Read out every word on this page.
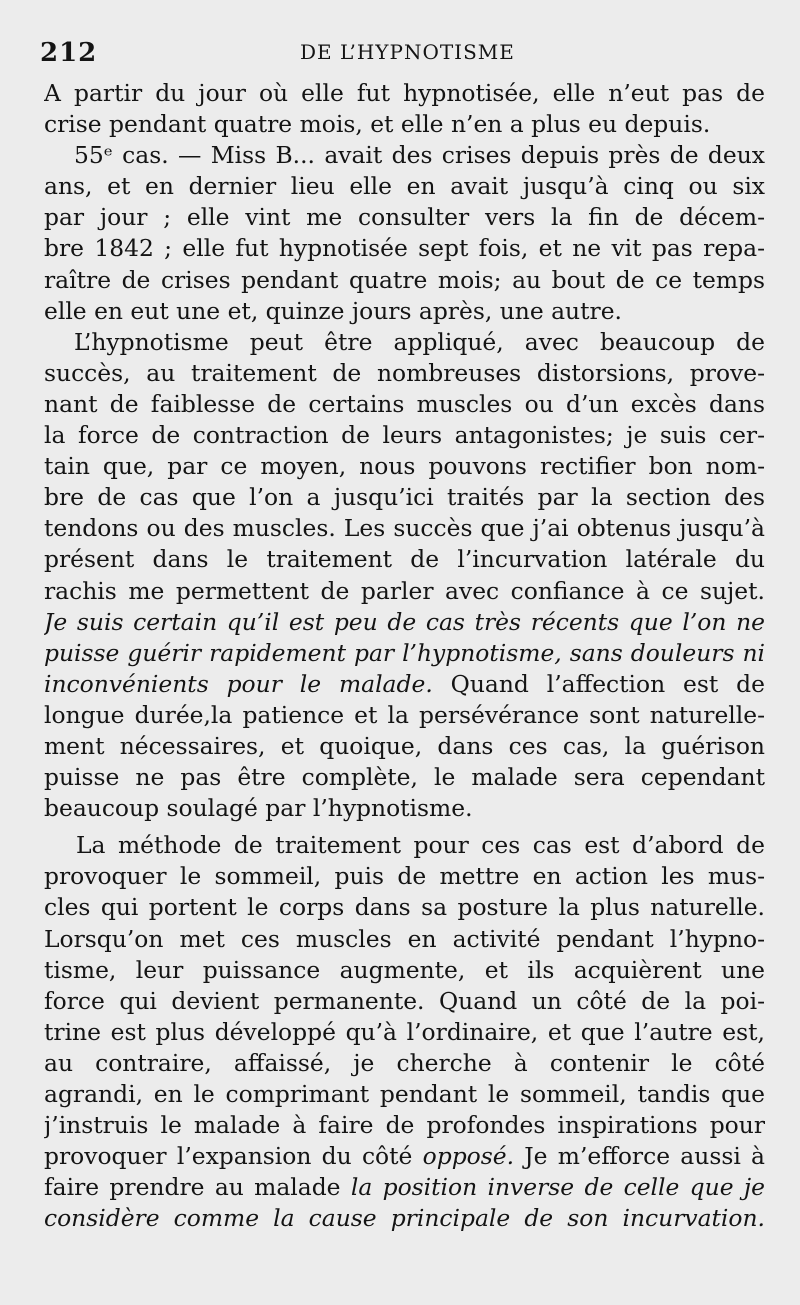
212	DE L’HYPNOTISME
A partir du jour où elle fut hypnotisée, elle n’eut pas de
crise pendant quatre mois, et elle n’en a plus eu depuis.
55ᵉ cas. — Miss B... avait des crises depuis près de deux
ans, et en dernier lieu elle en avait jusqu’à cinq ou six
par jour ; elle vint me consulter vers la fin de décem-
bre 1842 ; elle fut hypnotisée sept fois, et ne vit pas repa-
raître de crises pendant quatre mois; au bout de ce temps
elle en eut une et, quinze jours après, une autre.
L’hypnotisme peut être appliqué, avec beaucoup de
succès, au traitement de nombreuses distorsions, prove-
nant de faiblesse de certains muscles ou d’un excès dans
la force de contraction de leurs antagonistes; je suis cer-
tain que, par ce moyen, nous pouvons rectifier bon nom-
bre de cas que l’on a jusqu’ici traités par la section des
tendons ou des muscles. Les succès que j’ai obtenus jusqu’à
présent dans le traitement de l’incurvation latérale du
rachis me permettent de parler avec confiance à ce sujet.
Je suis certain qu’il est peu de cas très récents que l’on ne
puisse guérir rapidement par l’hypnotisme, sans douleurs ni
inconvénients pour le malade. Quand l’affection est de
longue durée,la patience et la persévérance sont naturelle-
ment nécessaires, et quoique, dans ces cas, la guérison
puisse ne pas être complète, le malade sera cependant
beaucoup soulagé par l’hypnotisme.
La méthode de traitement pour ces cas est d’abord de
provoquer le sommeil, puis de mettre en action les mus-
cles qui portent le corps dans sa posture la plus naturelle.
Lorsqu’on met ces muscles en activité pendant l’hypno-
tisme, leur puissance augmente, et ils acquièrent une
force qui devient permanente. Quand un côté de la poi-
trine est plus développé qu’à l’ordinaire, et que l’autre est,
au contraire, affaissé, je cherche à contenir le côté
agrandi, en le comprimant pendant le sommeil, tandis que
j’instruis le malade à faire de profondes inspirations pour
provoquer l’expansion du côté opposé. Je m’efforce aussi à
faire prendre au malade la position inverse de celle que je
considère comme la cause principale de son incurvation.
